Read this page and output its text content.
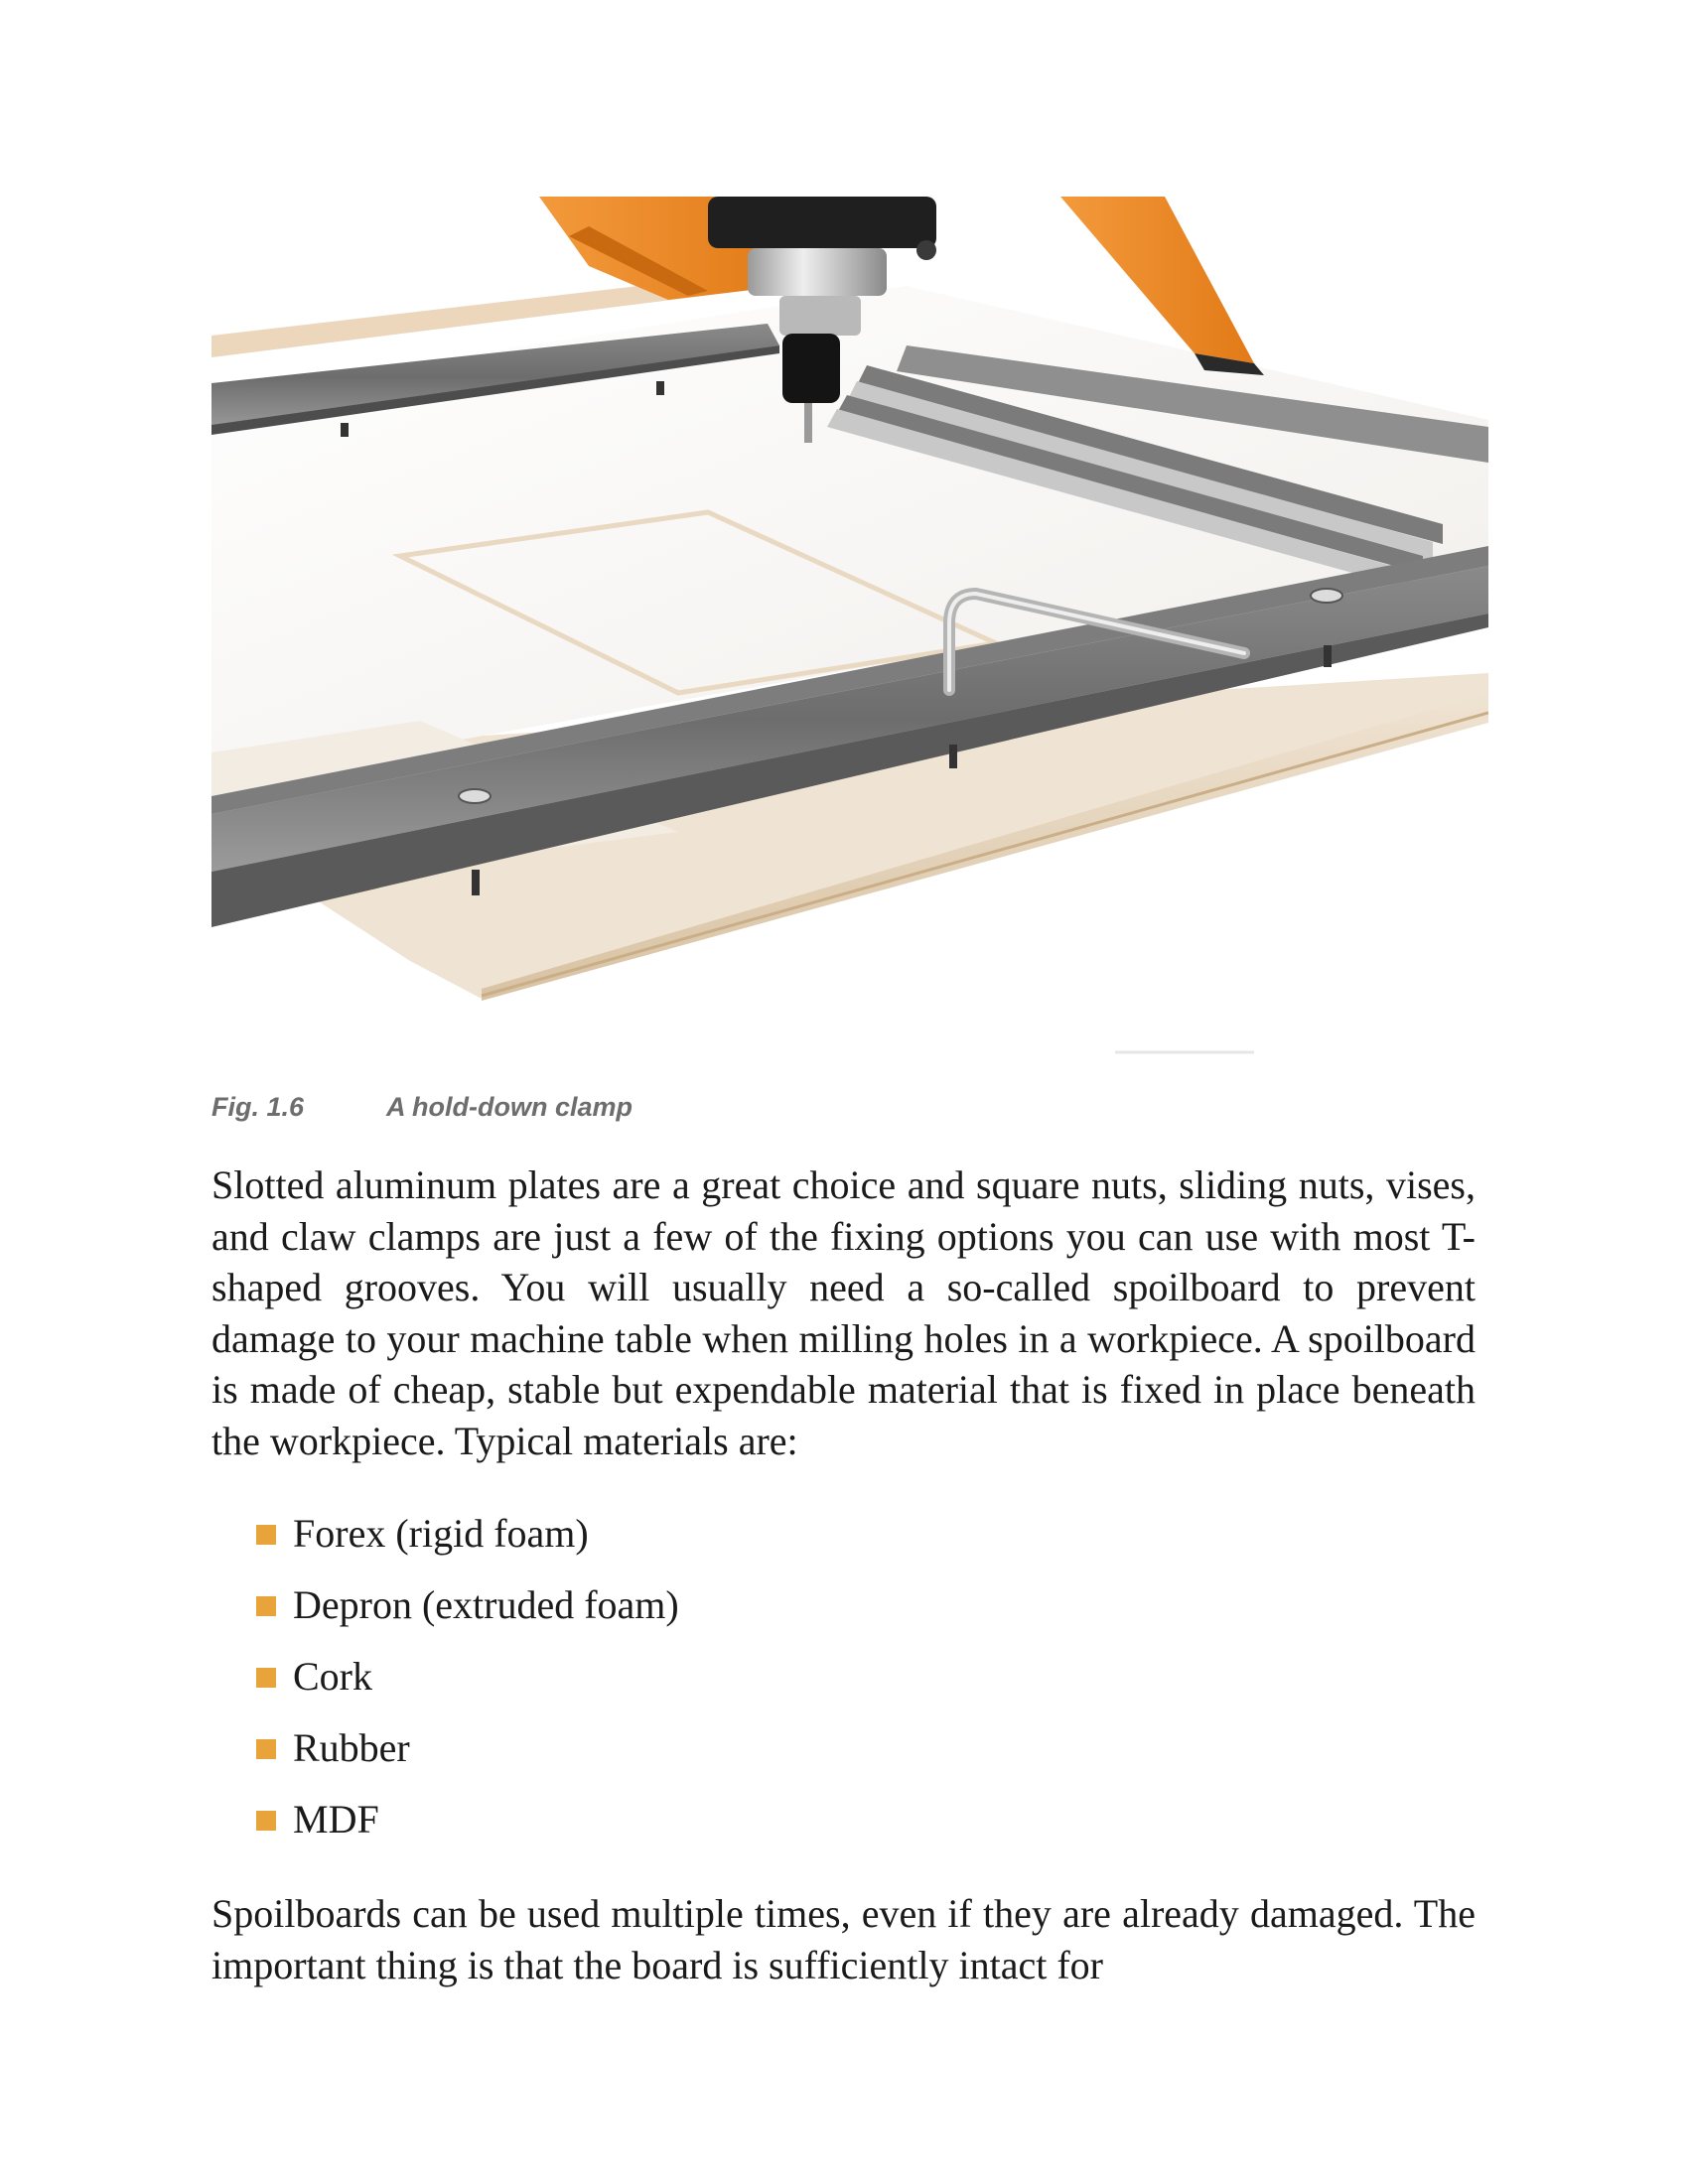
Fig. 1.6	A hold-down clamp

Slotted aluminum plates are a great choice and square nuts, sliding nuts, vises, and claw clamps are just a few of the fixing options you can use with most T-shaped grooves. You will usually need a so-called spoilboard to prevent damage to your machine table when milling holes in a workpiece. A spoilboard is made of cheap, stable but expendable material that is fixed in place beneath the workpiece. Typical materials are:

Forex (rigid foam)
Depron (extruded foam)
Cork
Rubber
MDF

Spoilboards can be used multiple times, even if they are already damaged. The important thing is that the board is sufficiently intact for
